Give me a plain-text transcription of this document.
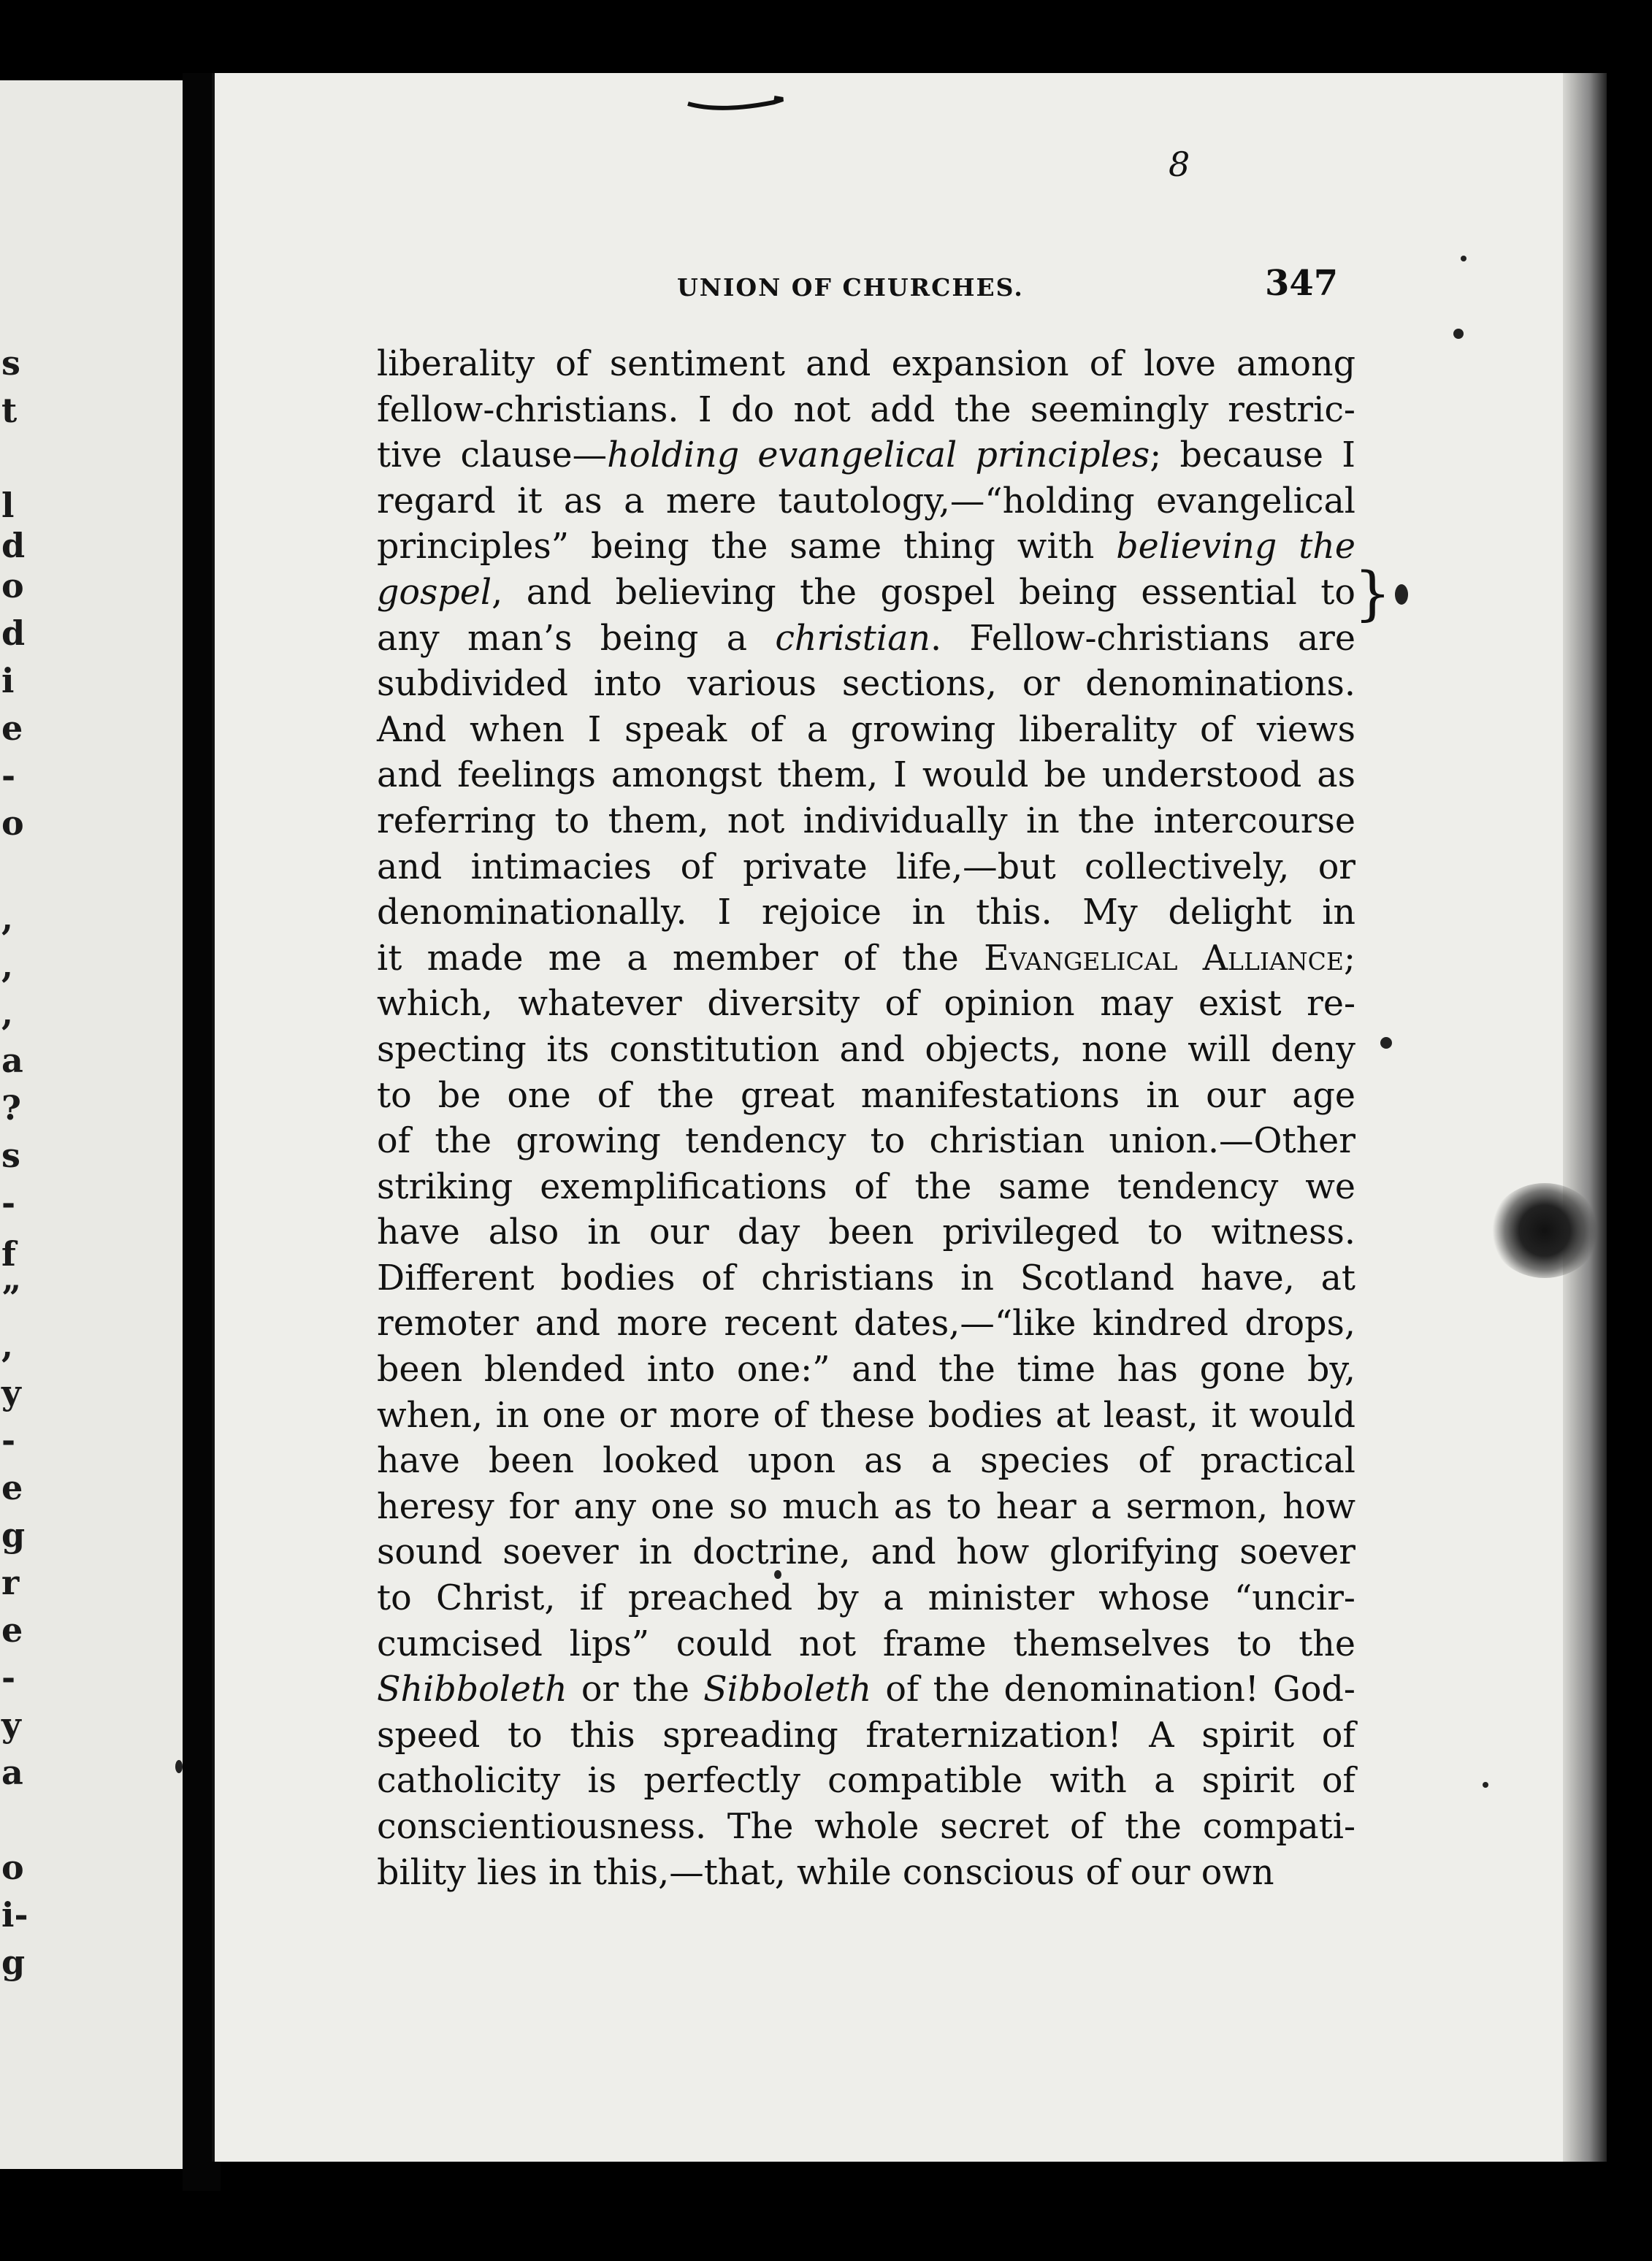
s
t
l
d
o
d
i
e
-
o
,
,
,
a
?
s
-
f
”
,
y
-
e
g
r
e
-
y
a
o
i-
g
8
}
UNION OF CHURCHES.	347
liberality of sentiment and expansion of love among
fellow-christians. I do not add the seemingly restric-
tive clause—holding evangelical principles; because I
regard it as a mere tautology,—“holding evangelical
principles” being the same thing with believing the
gospel, and believing the gospel being essential to
any man’s being a christian. Fellow-christians are
subdivided into various sections, or denominations.
And when I speak of a growing liberality of views
and feelings amongst them, I would be understood as
referring to them, not individually in the intercourse
and intimacies of private life,—but collectively, or
denominationally. I rejoice in this. My delight in
it made me a member of the Evangelical Alliance;
which, whatever diversity of opinion may exist re-
specting its constitution and objects, none will deny
to be one of the great manifestations in our age
of the growing tendency to christian union.—Other
striking exemplifications of the same tendency we
have also in our day been privileged to witness.
Different bodies of christians in Scotland have, at
remoter and more recent dates,—“like kindred drops,
been blended into one:” and the time has gone by,
when, in one or more of these bodies at least, it would
have been looked upon as a species of practical
heresy for any one so much as to hear a sermon, how
sound soever in doctrine, and how glorifying soever
to Christ, if preached by a minister whose “uncir-
cumcised lips” could not frame themselves to the
Shibboleth or the Sibboleth of the denomination! God-
speed to this spreading fraternization! A spirit of
catholicity is perfectly compatible with a spirit of
conscientiousness. The whole secret of the compati-
bility lies in this,—that, while conscious of our own
